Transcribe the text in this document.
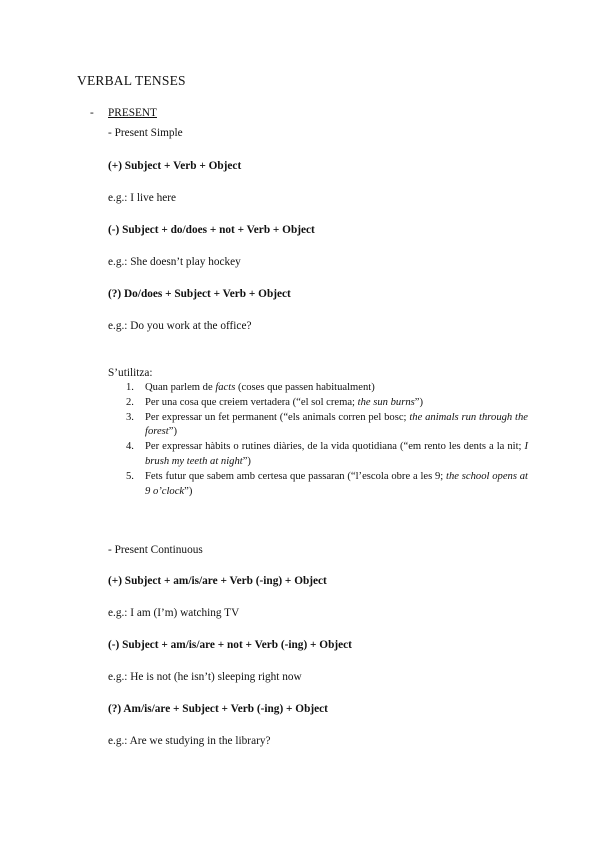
VERBAL TENSES
- PRESENT
- Present Simple
(+) Subject + Verb + Object
e.g.: I live here
(-) Subject + do/does + not + Verb + Object
e.g.: She doesn’t play hockey
(?) Do/does + Subject + Verb + Object
e.g.: Do you work at the office?
S’utilitza:
1. Quan parlem de facts (coses que passen habitualment)
2. Per una cosa que creiem vertadera (“el sol crema; the sun burns”)
3. Per expressar un fet permanent (“els animals corren pel bosc; the animals run through the forest”)
4. Per expressar hàbits o rutines diàries, de la vida quotidiana (“em rento les dents a la nit; I brush my teeth at night”)
5. Fets futur que sabem amb certesa que passaran (“l’escola obre a les 9; the school opens at 9 o’clock”)
- Present Continuous
(+) Subject + am/is/are + Verb (-ing) + Object
e.g.: I am (I’m) watching TV
(-) Subject + am/is/are + not + Verb (-ing) + Object
e.g.: He is not (he isn’t) sleeping right now
(?) Am/is/are + Subject + Verb (-ing) + Object
e.g.: Are we studying in the library?
